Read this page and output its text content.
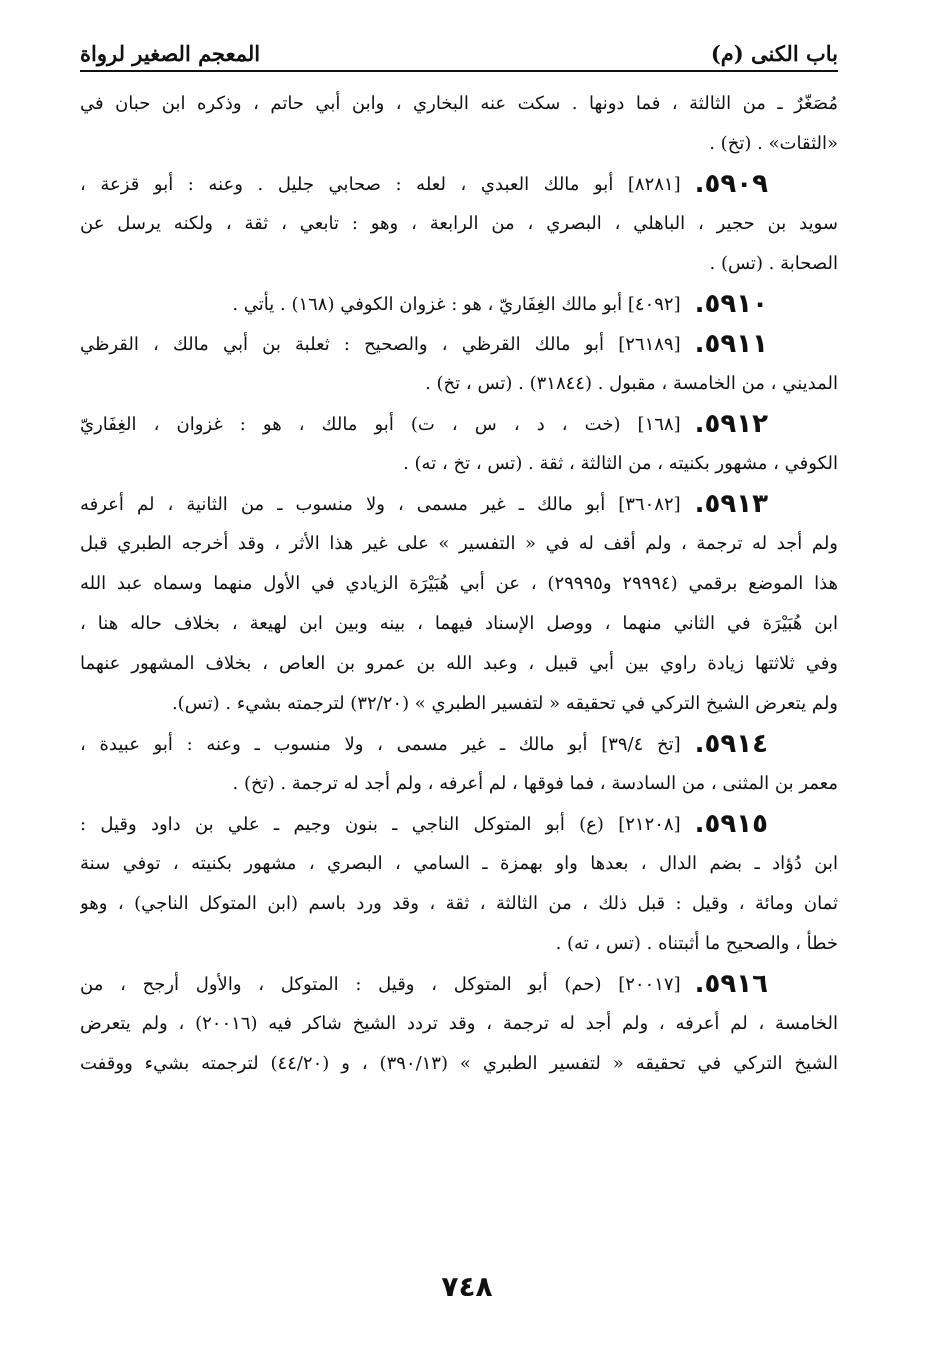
باب الكنى (م)
المعجم الصغير لرواة

مُصَغّرٌ ـ من الثالثة ، فما دونها . سكت عنه البخاري ، وابن أبي حاتم ، وذكره ابن حبان في

«الثقات» . (تخ) .

٥٩٠٩.[٨٢٨١] أبو مالك العبدي ، لعله : صحابي جليل . وعنه : أبو قزعة ،

سويد بن حجير ، الباهلي ، البصري ، من الرابعة ، وهو : تابعي ، ثقة ، ولكنه يرسل عن

الصحابة . (تس) .

٥٩١٠.[٤٠٩٢] أبو مالك الغِفَاريّ ، هو : غزوان الكوفي (١٦٨) . يأتي .

٥٩١١.[٢٦١٨٩] أبو مالك القرظي ، والصحيح : ثعلبة بن أبي مالك ، القرظي

المديني ، من الخامسة ، مقبول . (٣١٨٤٤) . (تس ، تخ) .

٥٩١٢.[١٦٨] (خت ، د ، س ، ت) أبو مالك ، هو : غزوان ، الغِفَاريّ

الكوفي ، مشهور بكنيته ، من الثالثة ، ثقة . (تس ، تخ ، ته) .

٥٩١٣.[٣٦٠٨٢] أبو مالك ـ غير مسمى ، ولا منسوب ـ من الثانية ، لم أعرفه

ولم أجد له ترجمة ، ولم أقف له في « التفسير » على غير هذا الأثر ، وقد أخرجه الطبري قبل

هذا الموضع برقمي (٢٩٩٩٤ و٢٩٩٩٥) ، عن أبي هُبَيْرَة الزيادي في الأول منهما وسماه عبد الله

ابن هُبَيْرَة في الثاني منهما ، ووصل الإسناد فيهما ، بينه وبين ابن لهيعة ، بخلاف حاله هنا ،

وفي ثلاثتها زيادة راوي بين أبي قبيل ، وعبد الله بن عمرو بن العاص ، بخلاف المشهور عنهما

ولم يتعرض الشيخ التركي في تحقيقه « لتفسير الطبري » (٣٢/٢٠) لترجمته بشيء . (تس).

٥٩١٤.[تخ ٣٩/٤] أبو مالك ـ غير مسمى ، ولا منسوب ـ وعنه : أبو عبيدة ،

معمر بن المثنى ، من السادسة ، فما فوقها ، لم أعرفه ، ولم أجد له ترجمة . (تخ) .

٥٩١٥.[٢١٢٠٨] (ع) أبو المتوكل الناجي ـ بنون وجيم ـ علي بن داود وقيل :

ابن دُؤاد ـ بضم الدال ، بعدها واو بهمزة ـ السامي ، البصري ، مشهور بكنيته ، توفي سنة

ثمان ومائة ، وقيل : قبل ذلك ، من الثالثة ، ثقة ، وقد ورد باسم (ابن المتوكل الناجي) ، وهو

خطأ ، والصحيح ما أثبتناه . (تس ، ته) .

٥٩١٦.[٢٠٠١٧] (حم) أبو المتوكل ، وقيل : المتوكل ، والأول أرجح ، من

الخامسة ، لم أعرفه ، ولم أجد له ترجمة ، وقد تردد الشيخ شاكر فيه (٢٠٠١٦) ، ولم يتعرض

الشيخ التركي في تحقيقه « لتفسير الطبري » (٣٩٠/١٣) ، و (٤٤/٢٠) لترجمته بشيء ووقفت

٧٤٨
